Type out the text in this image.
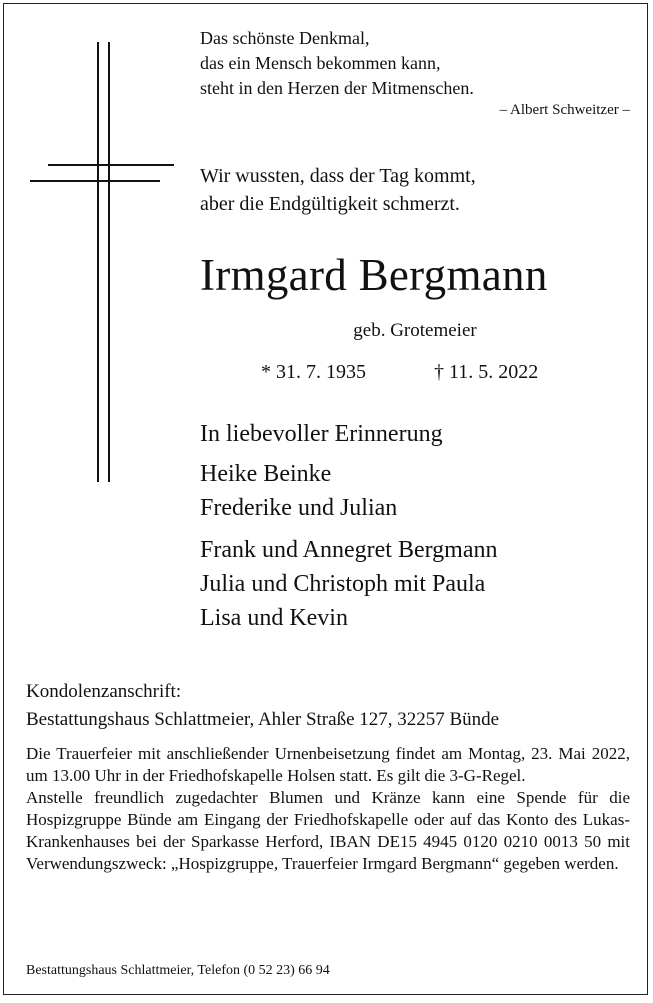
Das schönste Denkmal,
das ein Mensch bekommen kann,
steht in den Herzen der Mitmenschen.
– Albert Schweitzer –
Wir wussten, dass der Tag kommt,
aber die Endgültigkeit schmerzt.
Irmgard Bergmann
geb. Grotemeier
* 31. 7. 1935	† 11. 5. 2022
In liebevoller Erinnerung
Heike Beinke
Frederike und Julian
Frank und Annegret Bergmann
Julia und Christoph mit Paula
Lisa und Kevin
Kondolenzanschrift:
Bestattungshaus Schlattmeier, Ahler Straße 127, 32257 Bünde

Die Trauerfeier mit anschließender Urnenbeisetzung findet am Montag, 23. Mai 2022, um 13.00 Uhr in der Friedhofskapelle Holsen statt. Es gilt die 3-G-Regel.

Anstelle freundlich zugedachter Blumen und Kränze kann eine Spende für die Hospizgruppe Bünde am Eingang der Friedhofskapelle oder auf das Konto des Lukas-Krankenhauses bei der Sparkasse Herford, IBAN DE15 4945 0120 0210 0013 50 mit Verwendungszweck: „Hospizgruppe, Trauerfeier Irmgard Bergmann“ gegeben werden.

Bestattungshaus Schlattmeier, Telefon (0 52 23) 66 94
